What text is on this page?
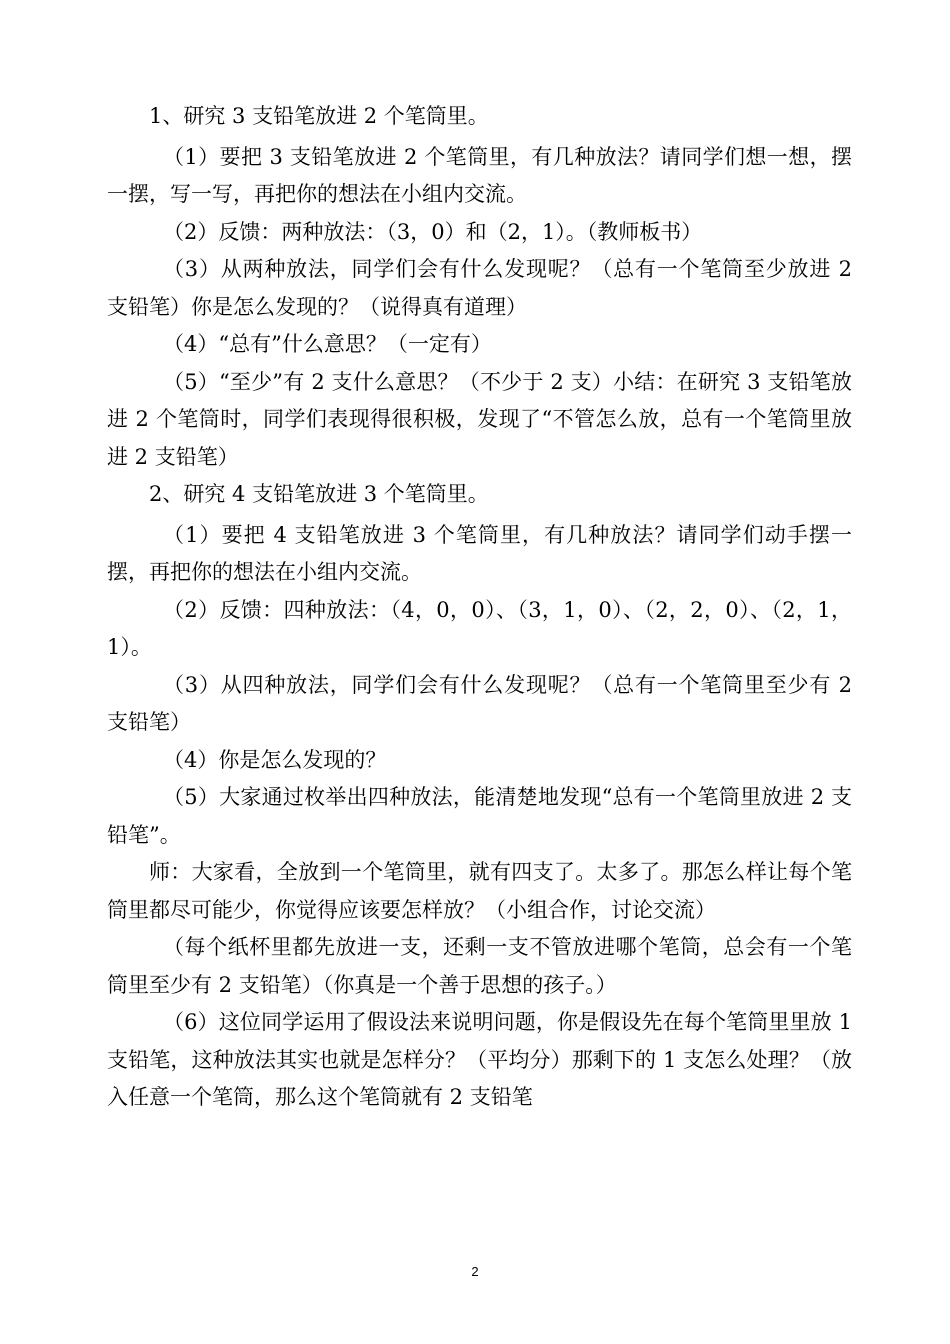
1、研究 3 支铅笔放进 2 个笔筒里。

（1）要把 3 支铅笔放进 2 个笔筒里，有几种放法？请同学们想一想，摆一摆，写一写，再把你的想法在小组内交流。

（2）反馈：两种放法：（3，0）和（2，1）。（教师板书）

（3）从两种放法，同学们会有什么发现呢？（总有一个笔筒至少放进 2 支铅笔）你是怎么发现的？（说得真有道理）

（4）“总有”什么意思？（一定有）

（5）“至少”有 2 支什么意思？（不少于 2 支）小结：在研究 3 支铅笔放进 2 个笔筒时，同学们表现得很积极，发现了“不管怎么放，总有一个笔筒里放进 2 支铅笔）

2、研究 4 支铅笔放进 3 个笔筒里。

（1）要把 4 支铅笔放进 3 个笔筒里，有几种放法？请同学们动手摆一摆，再把你的想法在小组内交流。

（2）反馈：四种放法：（4，0，0）、（3，1，0）、（2，2，0）、（2，1，1）。

（3）从四种放法，同学们会有什么发现呢？（总有一个笔筒里至少有 2 支铅笔）

（4）你是怎么发现的？

（5）大家通过枚举出四种放法，能清楚地发现“总有一个笔筒里放进 2 支铅笔”。

师：大家看，全放到一个笔筒里，就有四支了。太多了。那怎么样让每个笔筒里都尽可能少，你觉得应该要怎样放？（小组合作，讨论交流）

（每个纸杯里都先放进一支，还剩一支不管放进哪个笔筒，总会有一个笔筒里至少有 2 支铅笔）（你真是一个善于思想的孩子。）

（6）这位同学运用了假设法来说明问题，你是假设先在每个笔筒里里放 1 支铅笔，这种放法其实也就是怎样分？（平均分）那剩下的 1 支怎么处理？（放入任意一个笔筒，那么这个笔筒就有 2 支铅笔

2
